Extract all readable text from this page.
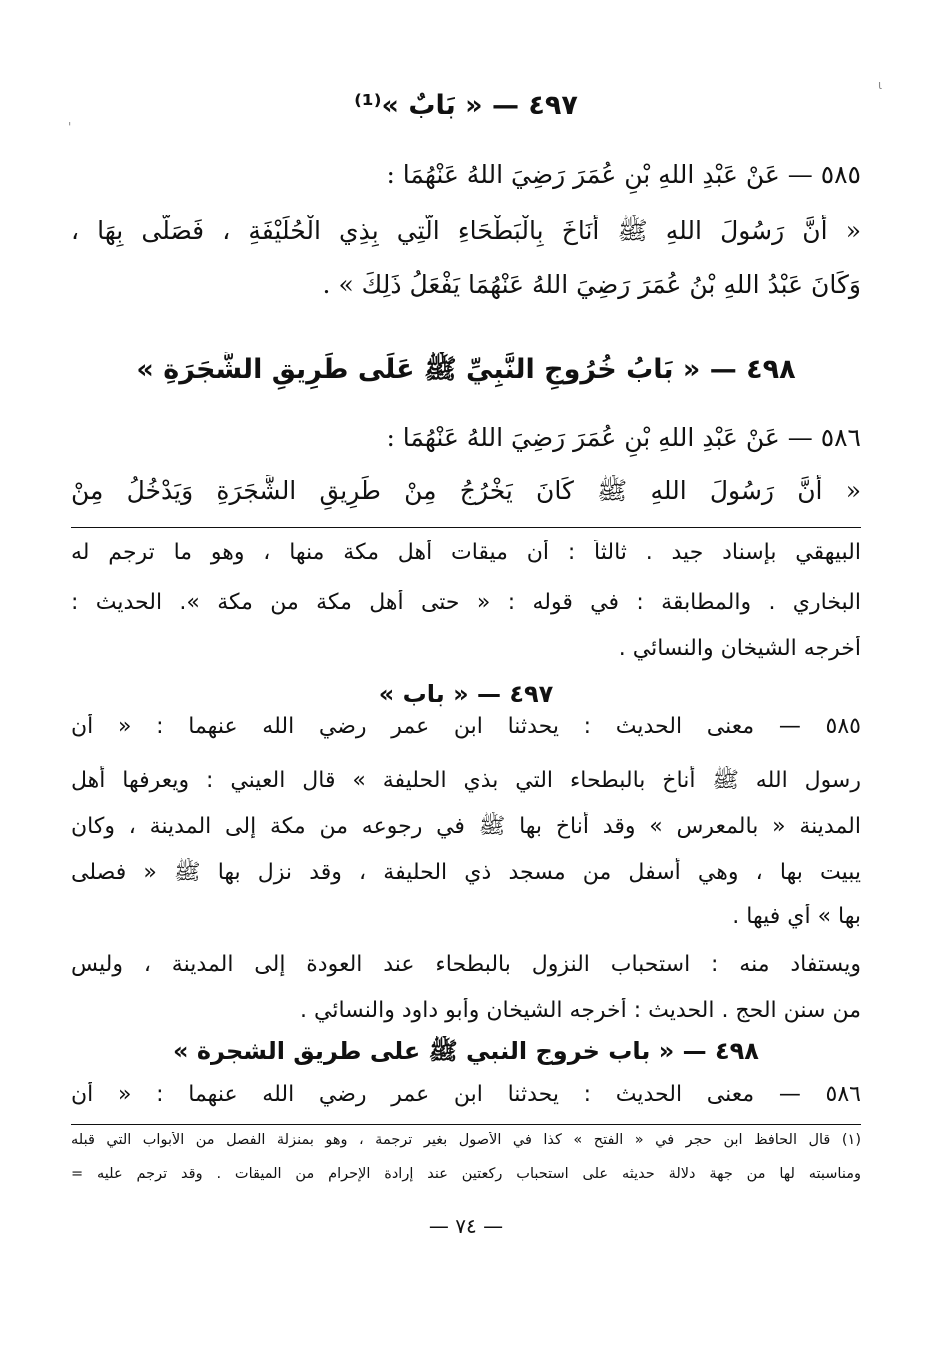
'
ι
٤٩٧ — « بَابٌ »⁽¹⁾
٥٨٥ — عَنْ عَبْدِ اللهِ بْنِ عُمَرَ رَضِيَ اللهُ عَنْهُمَا :
« أَنَّ رَسُولَ اللهِ ﷺ أَنَاخَ بِالْبَطْحَاءِ الَّتِي بِذِي الْحُلَيْفَةِ ، فَصَلَّى بِهَا ،
وَكَانَ عَبْدُ اللهِ بْنُ عُمَرَ رَضِيَ اللهُ عَنْهُمَا يَفْعَلُ ذَلِكَ » .
٤٩٨ — « بَابُ خُرُوجِ النَّبِيِّ ﷺ عَلَى طَرِيقِ الشَّجَرَةِ »
٥٨٦ — عَنْ عَبْدِ اللهِ بْنِ عُمَرَ رَضِيَ اللهُ عَنْهُمَا :
« أَنَّ رَسُولَ اللهِ ﷺ كَانَ يَخْرُجُ مِنْ طَرِيقِ الشَّجَرَةِ وَيَدْخُلُ مِنْ
البيهقي بإسناد جيد . ثالثاً : أن ميقات أهل مكة منها ، وهو ما ترجم له
البخاري . والمطابقة : في قوله : « حتى أهل مكة من مكة ». الحديث :
أخرجه الشيخان والنسائي .
٤٩٧ — « باب »
٥٨٥ — معنى الحديث : يحدثنا ابن عمر رضي الله عنهما : « أن
رسول الله ﷺ أناخ بالبطحاء التي بذي الحليفة » قال العيني : ويعرفها أهل
المدينة « بالمعرس » وقد أناخ بها ﷺ في رجوعه من مكة إلى المدينة ، وكان
يبيت بها ، وهي أسفل من مسجد ذي الحليفة ، وقد نزل بها ﷺ « فصلى
بها » أي فيها .
ويستفاد منه : استحباب النزول بالبطحاء عند العودة إلى المدينة ، وليس
من سنن الحج . الحديث : أخرجه الشيخان وأبو داود والنسائي .
٤٩٨ — « باب خروج النبي ﷺ على طريق الشجرة »
٥٨٦ — معنى الحديث : يحدثنا ابن عمر رضي الله عنهما : « أن
(١) قال الحافظ ابن حجر في « الفتح » كذا في الأصول بغير ترجمة ، وهو بمنزلة الفصل من الأبواب التي قبله
ومناسبته لها من جهة دلالة حديثه على استحباب ركعتين عند إرادة الإحرام من الميقات . وقد ترجم عليه =
— ٧٤ —
